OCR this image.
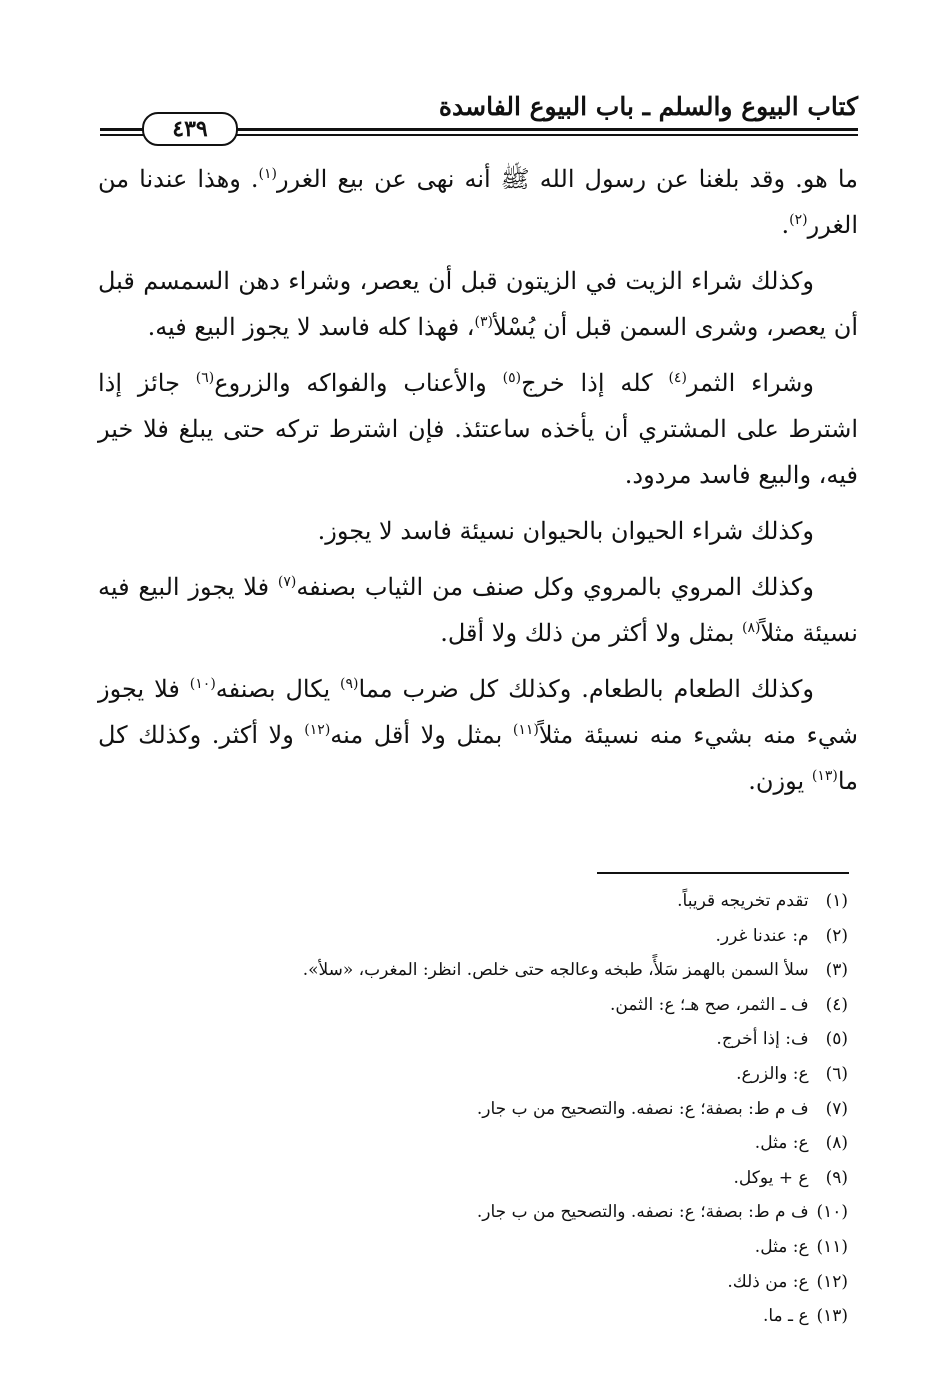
كتاب البيوع والسلم ـ باب البيوع الفاسدة
٤٣٩

ما هو. وقد بلغنا عن رسول الله ﷺ أنه نهى عن بيع الغرر$^{(١)}$. وهذا عندنا من الغرر$^{(٢)}$.

وكذلك شراء الزيت في الزيتون قبل أن يعصر، وشراء دهن السمسم قبل أن يعصر، وشرى السمن قبل أن يُسْلأ$^{(٣)}$، فهذا كله فاسد لا يجوز البيع فيه.

وشراء الثمر$^{(٤)}$ كله إذا خرج$^{(٥)}$ والأعناب والفواكه والزروع$^{(٦)}$ جائز إذا اشترط على المشتري أن يأخذه ساعتئذ. فإن اشترط تركه حتى يبلغ فلا خير فيه، والبيع فاسد مردود.

وكذلك شراء الحيوان بالحيوان نسيئة فاسد لا يجوز.

وكذلك المروي بالمروي وكل صنف من الثياب بصنفه$^{(٧)}$ فلا يجوز البيع فيه نسيئة مثلاً$^{(٨)}$ بمثل ولا أكثر من ذلك ولا أقل.

وكذلك الطعام بالطعام. وكذلك كل ضرب مما$^{(٩)}$ يكال بصنفه$^{(١٠)}$ فلا يجوز شيء منه بشيء منه نسيئة مثلاً$^{(١١)}$ بمثل ولا أقل منه$^{(١٢)}$ ولا أكثر. وكذلك كل ما$^{(١٣)}$ يوزن.

(١) تقدم تخريجه قريباً.
(٢) م: عندنا غرر.
(٣) سلأ السمن بالهمز سَلأً، طبخه وعالجه حتى خلص. انظر: المغرب، «سلأ».
(٤) ف ـ الثمر، صح هـ؛ ع: الثمن.
(٥) ف: إذا أخرج.
(٦) ع: والزرع.
(٧) ف م ط: بصفة؛ ع: نصفه. والتصحيح من ب جار.
(٨) ع: مثل.
(٩) ع + يوكل.
(١٠) ف م ط: بصفة؛ ع: نصفه. والتصحيح من ب جار.
(١١) ع: مثل.
(١٢) ع: من ذلك.
(١٣) ع ـ ما.
